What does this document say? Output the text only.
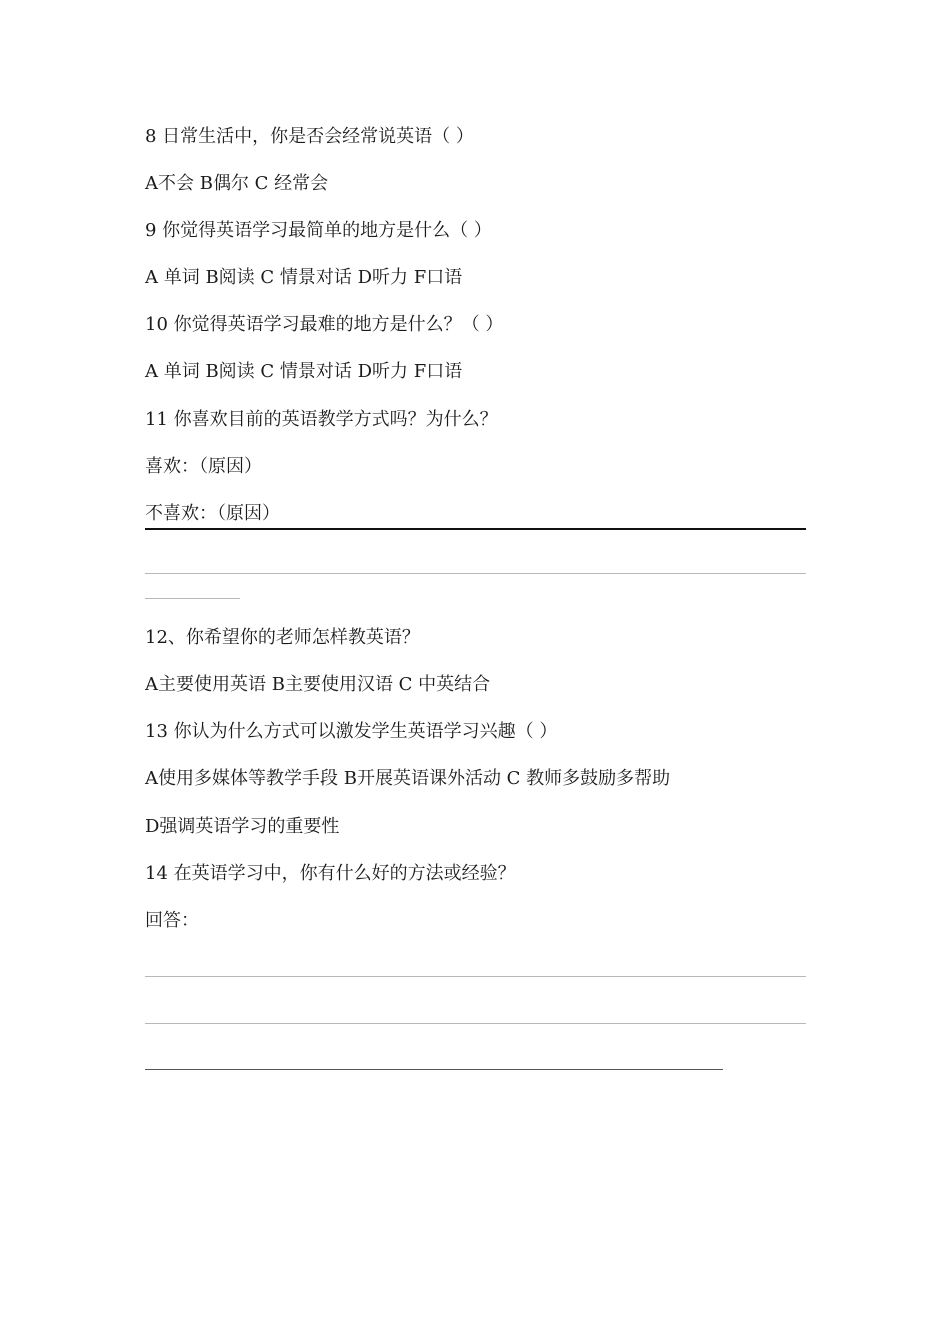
8 日常生活中，你是否会经常说英语（ ）
A不会 B偶尔 C 经常会
9 你觉得英语学习最简单的地方是什么（ ）
A 单词 B阅读 C 情景对话 D听力 F口语
10 你觉得英语学习最难的地方是什么？（ ）
A 单词 B阅读 C 情景对话 D听力 F口语
11 你喜欢目前的英语教学方式吗？为什么？
喜欢：（原因）
不喜欢：（原因）
12、你希望你的老师怎样教英语？
A主要使用英语 B主要使用汉语 C 中英结合
13 你认为什么方式可以激发学生英语学习兴趣（ ）
A使用多媒体等教学手段 B开展英语课外活动 C 教师多鼓励多帮助
D强调英语学习的重要性
14 在英语学习中，你有什么好的方法或经验？
回答：
